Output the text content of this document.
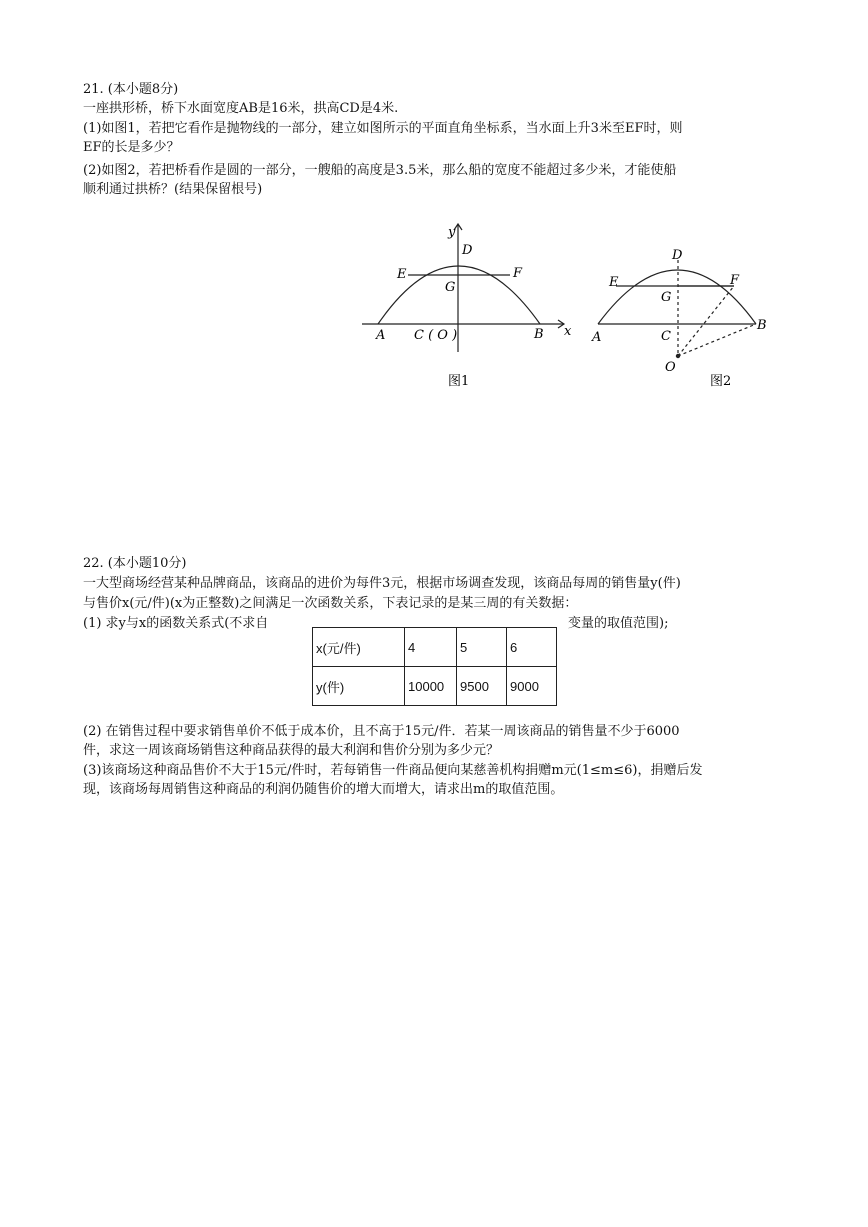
21. (本小题8分)
一座拱形桥，桥下水面宽度AB是16米，拱高CD是4米.
(1)如图1，若把它看作是抛物线的一部分，建立如图所示的平面直角坐标系，当水面上升3米至EF时，则
EF的长是多少？
(2)如图2，若把桥看作是圆的一部分，一艘船的高度是3.5米，那么船的宽度不能超过多少米，才能使船
顺利通过拱桥？(结果保留根号)
y
x
D
E	F
G
A	B
C ( O )
图1
D
E	F
G
A
B
C
O
图2
22. (本小题10分)
一大型商场经营某种品牌商品，该商品的进价为每件3元，根据市场调查发现，该商品每周的销售量y(件)
与售价x(元/件)(x为正整数)之间满足一次函数关系，下表记录的是某三周的有关数据：
(1) 求y与x的函数关系式(不求自	变量的取值范围);
x(元/件)	4	5	6
y(件)	10000	9500	9000
(2) 在销售过程中要求销售单价不低于成本价，且不高于15元/件．若某一周该商品的销售量不少于6000
件，求这一周该商场销售这种商品获得的最大利润和售价分别为多少元？
(3)该商场这种商品售价不大于15元/件时，若每销售一件商品便向某慈善机构捐赠m元(1≤m≤6)，捐赠后发
现，该商场每周销售这种商品的利润仍随售价的增大而增大，请求出m的取值范围。
